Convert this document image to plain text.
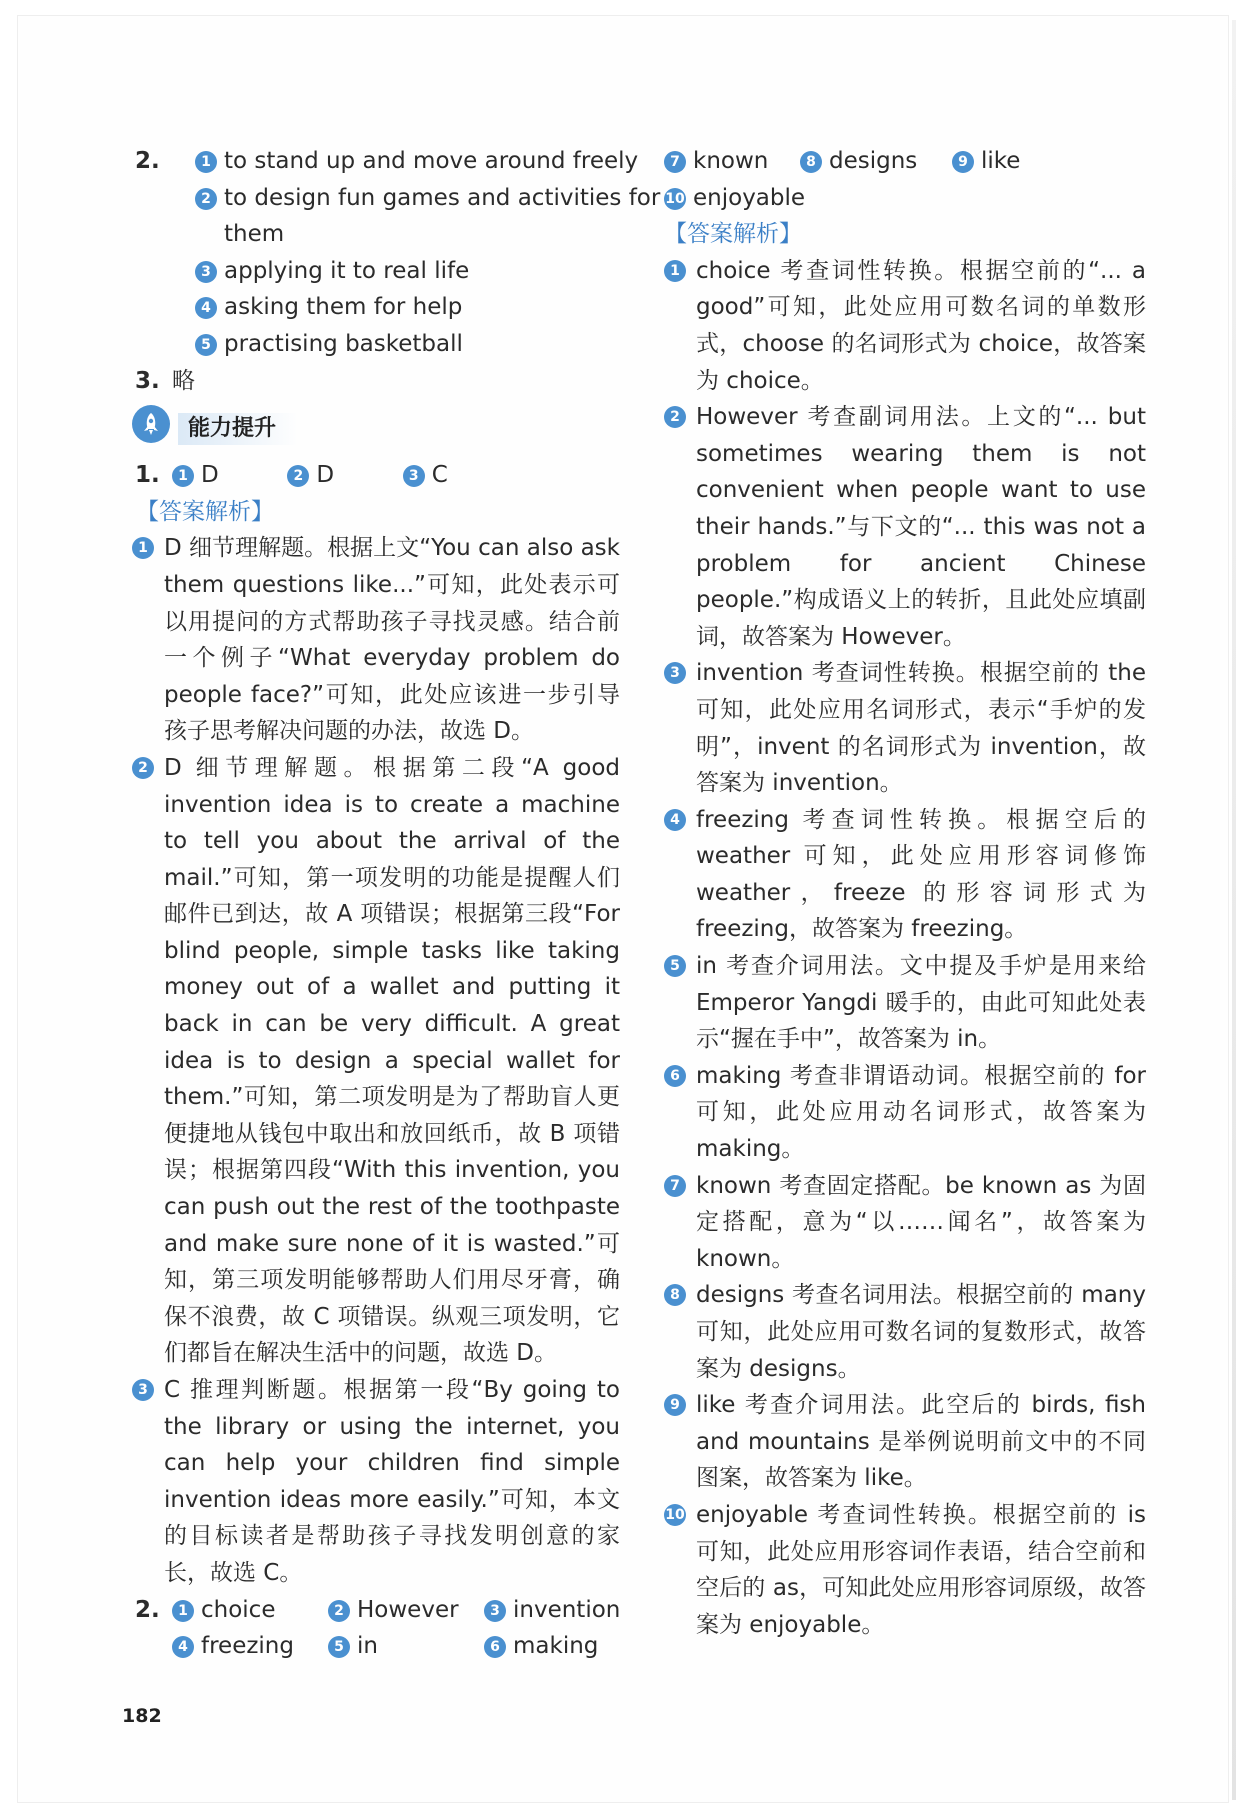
2.	1 to stand up and move around freely
2 to design fun games and activities for
them
3 applying it to real life
4 asking them for help
5 practising basketball
3. 略
能力提升
1. 1 D	2 D	3 C
【答案解析】
1 D 细节理解题。根据上文“You can also ask them questions like...”可知，此处表示可以用提问的方式帮助孩子寻找灵感。结合前一个例子“What everyday problem do people face?”可知，此处应该进一步引导孩子思考解决问题的办法，故选 D。
2 D 细节理解题。根据第二段“A good invention idea is to create a machine to tell you about the arrival of the mail.”可知，第一项发明的功能是提醒人们邮件已到达，故 A 项错误；根据第三段“For blind people, simple tasks like taking money out of a wallet and putting it back in can be very difficult. A great idea is to design a special wallet for them.”可知，第二项发明是为了帮助盲人更便捷地从钱包中取出和放回纸币，故 B 项错误；根据第四段“With this invention, you can push out the rest of the toothpaste and make sure none of it is wasted.”可知，第三项发明能够帮助人们用尽牙膏，确保不浪费，故 C 项错误。纵观三项发明，它们都旨在解决生活中的问题，故选 D。
3 C 推理判断题。根据第一段“By going to the library or using the internet, you can help your children find simple invention ideas more easily.”可知，本文的目标读者是帮助孩子寻找发明创意的家长，故选 C。
2. 1 choice	2 However 3 invention
4 freezing	5 in	6 making
7 known	8 designs	9 like
10 enjoyable
【答案解析】
1 choice 考查词性转换。根据空前的“... a good”可知，此处应用可数名词的单数形式，choose 的名词形式为 choice，故答案为 choice。
2 However 考查副词用法。上文的“... but sometimes wearing them is not convenient when people want to use their hands.”与下文的“... this was not a problem for ancient Chinese people.”构成语义上的转折，且此处应填副词，故答案为 However。
3 invention 考查词性转换。根据空前的 the 可知，此处应用名词形式，表示“手炉的发明”，invent 的名词形式为 invention，故答案为 invention。
4 freezing 考查词性转换。根据空后的 weather 可知，此处应用形容词修饰 weather，freeze 的形容词形式为 freezing，故答案为 freezing。
5 in 考查介词用法。文中提及手炉是用来给 Emperor Yangdi 暖手的，由此可知此处表示“握在手中”，故答案为 in。
6 making 考查非谓语动词。根据空前的 for 可知，此处应用动名词形式，故答案为 making。
7 known 考查固定搭配。be known as 为固定搭配，意为“以……闻名”，故答案为 known。
8 designs 考查名词用法。根据空前的 many 可知，此处应用可数名词的复数形式，故答案为 designs。
9 like 考查介词用法。此空后的 birds, fish and mountains 是举例说明前文中的不同图案，故答案为 like。
10 enjoyable 考查词性转换。根据空前的 is 可知，此处应用形容词作表语，结合空前和空后的 as，可知此处应用形容词原级，故答案为 enjoyable。
182
